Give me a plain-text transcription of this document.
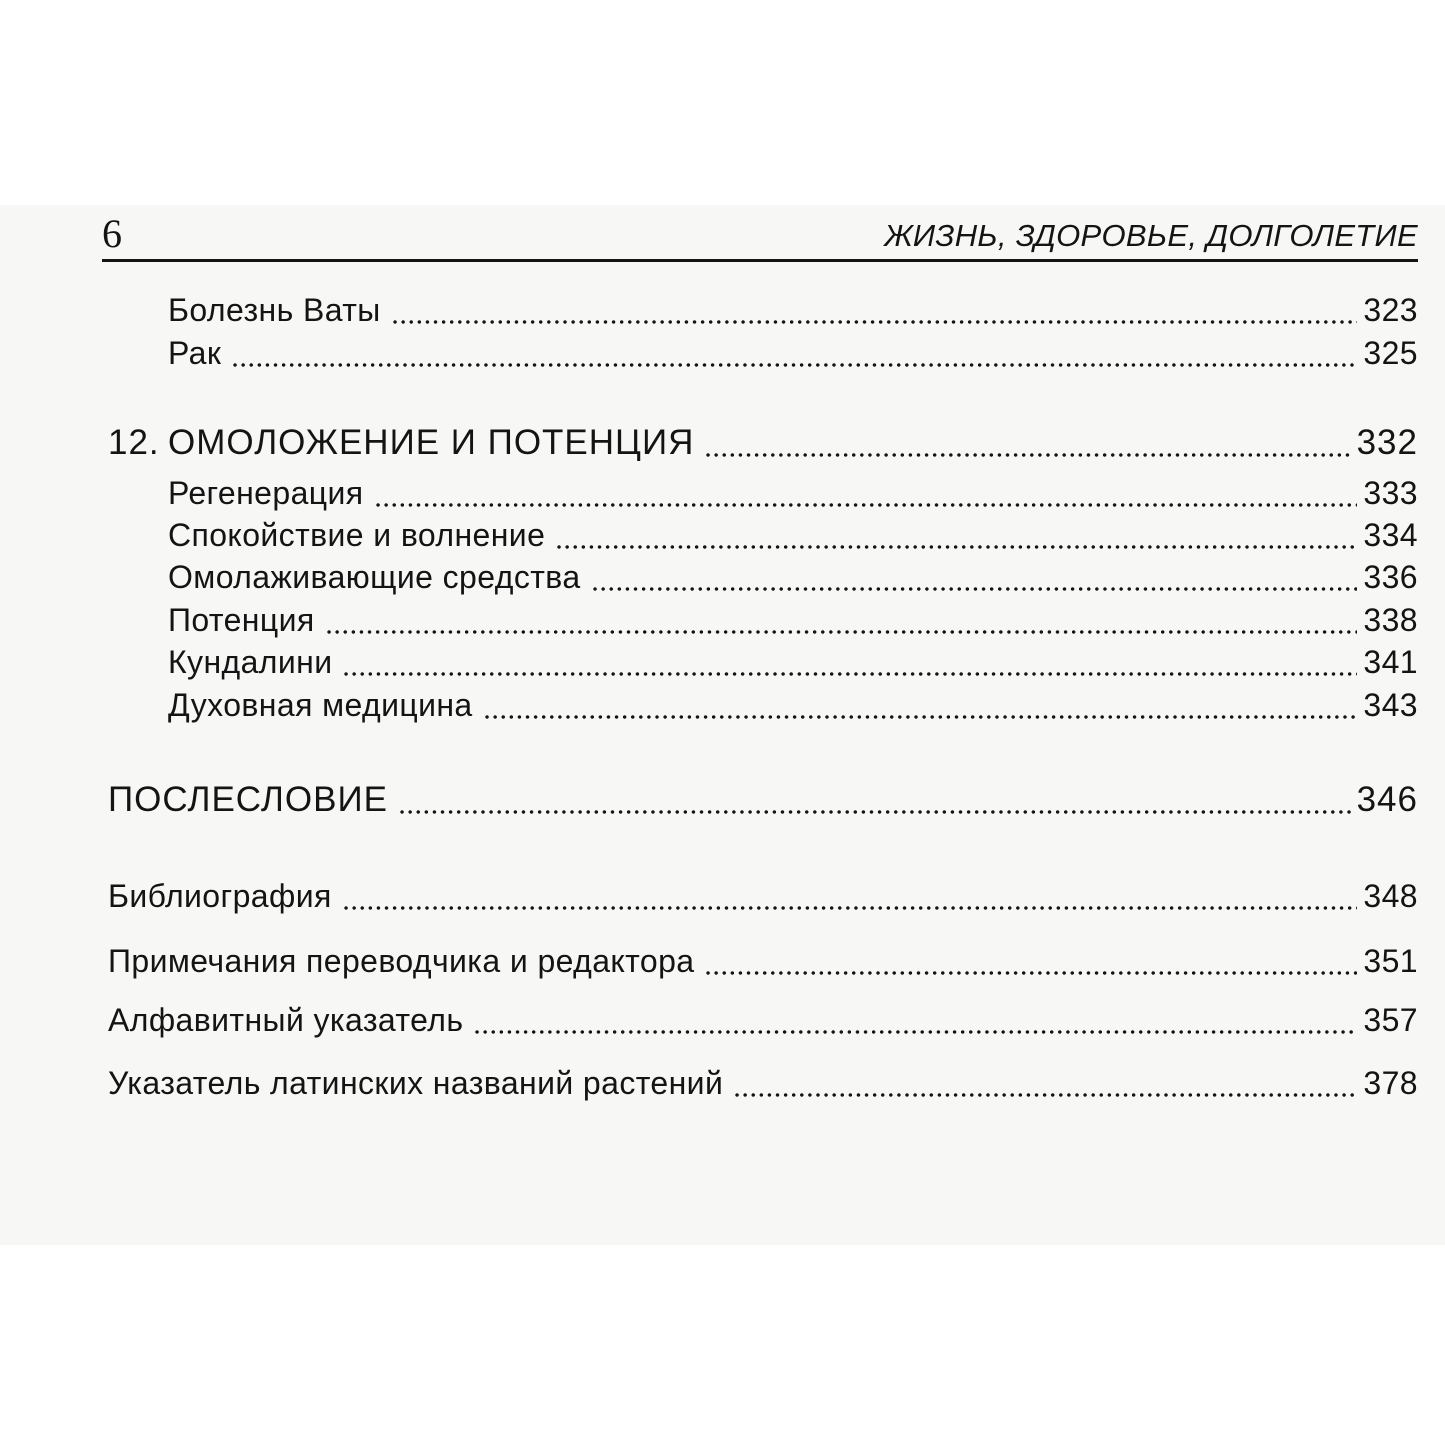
6	ЖИЗНЬ, ЗДОРОВЬЕ, ДОЛГОЛЕТИЕ
Болезнь Ваты	323
Рак	325
12. ОМОЛОЖЕНИЕ И ПОТЕНЦИЯ	332
Регенерация	333
Спокойствие и волнение	334
Омолаживающие средства	336
Потенция	338
Кундалини	341
Духовная медицина	343
ПОСЛЕСЛОВИЕ	346
Библиография	348
Примечания переводчика и редактора	351
Алфавитный указатель	357
Указатель латинских названий растений	378
